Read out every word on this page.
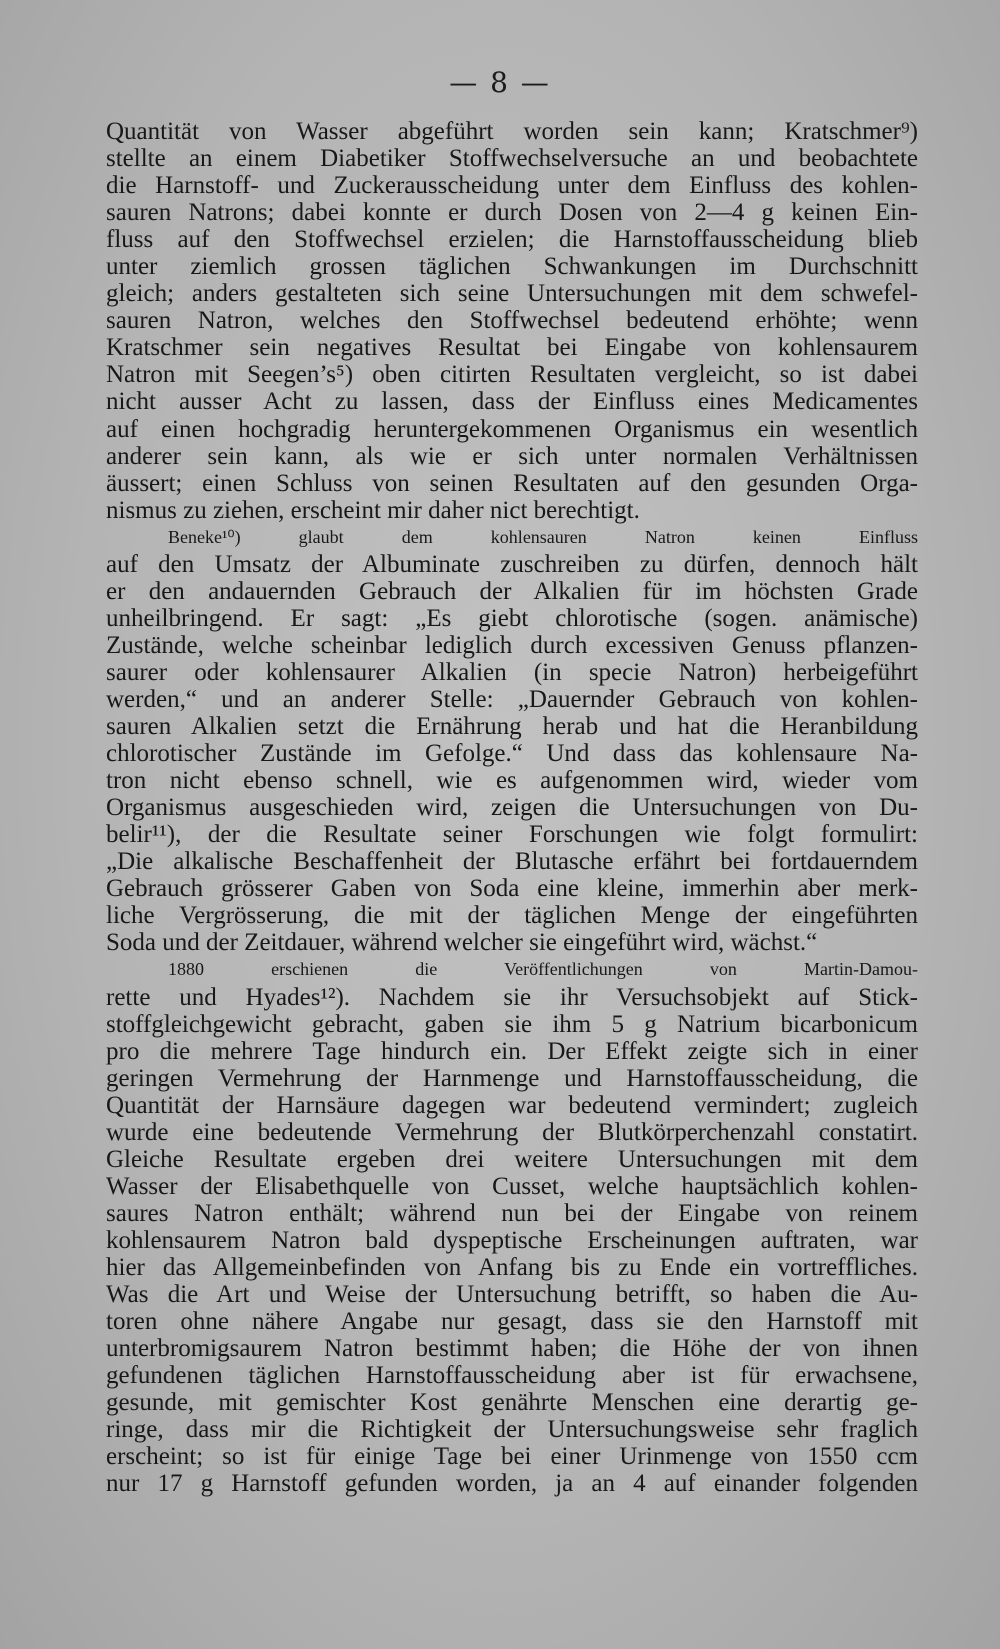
— 8 —
Quantität von Wasser abgeführt worden sein kann; Kratschmer⁹)
stellte an einem Diabetiker Stoffwechselversuche an und beobachtete
die Harnstoff- und Zuckerausscheidung unter dem Einfluss des kohlen-
sauren Natrons; dabei konnte er durch Dosen von 2—4 g keinen Ein-
fluss auf den Stoffwechsel erzielen; die Harnstoffausscheidung blieb
unter ziemlich grossen täglichen Schwankungen im Durchschnitt
gleich; anders gestalteten sich seine Untersuchungen mit dem schwefel-
sauren Natron, welches den Stoffwechsel bedeutend erhöhte; wenn
Kratschmer sein negatives Resultat bei Eingabe von kohlensaurem
Natron mit Seegen’s⁵) oben citirten Resultaten vergleicht, so ist dabei
nicht ausser Acht zu lassen, dass der Einfluss eines Medicamentes
auf einen hochgradig heruntergekommenen Organismus ein wesentlich
anderer sein kann, als wie er sich unter normalen Verhältnissen
äussert; einen Schluss von seinen Resultaten auf den gesunden Orga-
nismus zu ziehen, erscheint mir daher nict berechtigt.
Beneke¹⁰) glaubt dem kohlensauren Natron keinen Einfluss
auf den Umsatz der Albuminate zuschreiben zu dürfen, dennoch hält
er den andauernden Gebrauch der Alkalien für im höchsten Grade
unheilbringend. Er sagt: „Es giebt chlorotische (sogen. anämische)
Zustände, welche scheinbar lediglich durch excessiven Genuss pflanzen-
saurer oder kohlensaurer Alkalien (in specie Natron) herbeigeführt
werden,“ und an anderer Stelle: „Dauernder Gebrauch von kohlen-
sauren Alkalien setzt die Ernährung herab und hat die Heranbildung
chlorotischer Zustände im Gefolge.“ Und dass das kohlensaure Na-
tron nicht ebenso schnell, wie es aufgenommen wird, wieder vom
Organismus ausgeschieden wird, zeigen die Untersuchungen von Du-
belir¹¹), der die Resultate seiner Forschungen wie folgt formulirt:
„Die alkalische Beschaffenheit der Blutasche erfährt bei fortdauerndem
Gebrauch grösserer Gaben von Soda eine kleine, immerhin aber merk-
liche Vergrösserung, die mit der täglichen Menge der eingeführten
Soda und der Zeitdauer, während welcher sie eingeführt wird, wächst.“
1880 erschienen die Veröffentlichungen von Martin-Damou-
rette und Hyades¹²). Nachdem sie ihr Versuchsobjekt auf Stick-
stoffgleichgewicht gebracht, gaben sie ihm 5 g Natrium bicarbonicum
pro die mehrere Tage hindurch ein. Der Effekt zeigte sich in einer
geringen Vermehrung der Harnmenge und Harnstoffausscheidung, die
Quantität der Harnsäure dagegen war bedeutend vermindert; zugleich
wurde eine bedeutende Vermehrung der Blutkörperchenzahl constatirt.
Gleiche Resultate ergeben drei weitere Untersuchungen mit dem
Wasser der Elisabethquelle von Cusset, welche hauptsächlich kohlen-
saures Natron enthält; während nun bei der Eingabe von reinem
kohlensaurem Natron bald dyspeptische Erscheinungen auftraten, war
hier das Allgemeinbefinden von Anfang bis zu Ende ein vortreffliches.
Was die Art und Weise der Untersuchung betrifft, so haben die Au-
toren ohne nähere Angabe nur gesagt, dass sie den Harnstoff mit
unterbromigsaurem Natron bestimmt haben; die Höhe der von ihnen
gefundenen täglichen Harnstoffausscheidung aber ist für erwachsene,
gesunde, mit gemischter Kost genährte Menschen eine derartig ge-
ringe, dass mir die Richtigkeit der Untersuchungsweise sehr fraglich
erscheint; so ist für einige Tage bei einer Urinmenge von 1550 ccm
nur 17 g Harnstoff gefunden worden, ja an 4 auf einander folgenden
